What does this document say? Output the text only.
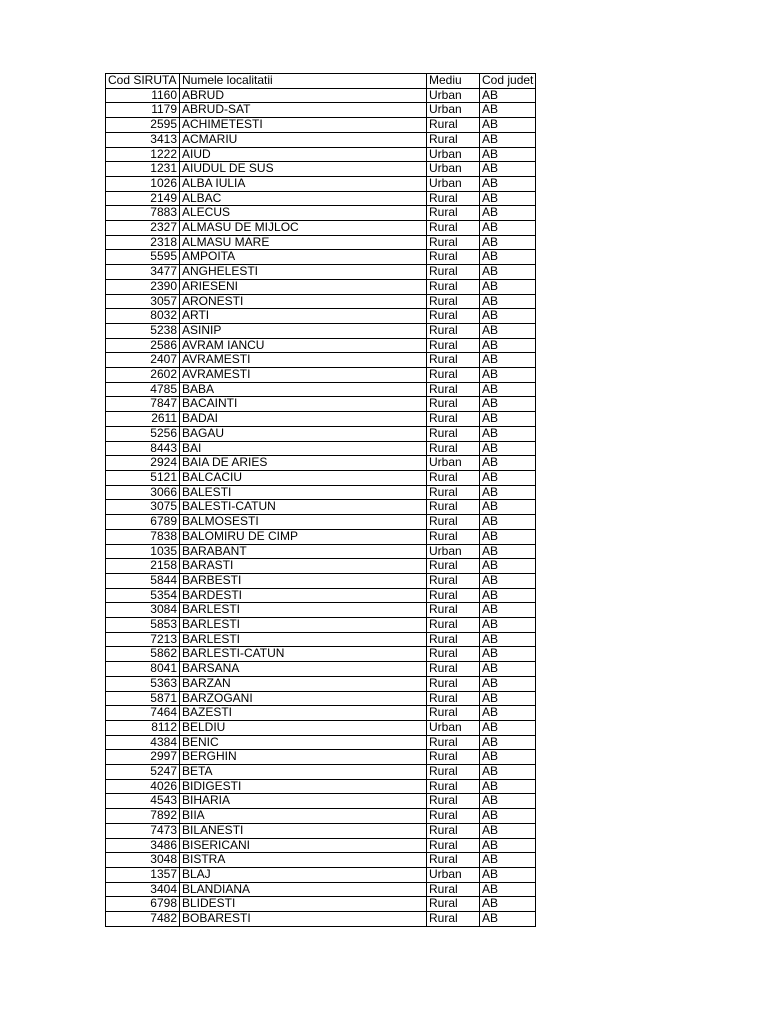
Cod SIRUTA	Numele localitatii	Mediu	Cod judet
1160	ABRUD	Urban	AB
1179	ABRUD-SAT	Urban	AB
2595	ACHIMETESTI	Rural	AB
3413	ACMARIU	Rural	AB
1222	AIUD	Urban	AB
1231	AIUDUL DE SUS	Urban	AB
1026	ALBA IULIA	Urban	AB
2149	ALBAC	Rural	AB
7883	ALECUS	Rural	AB
2327	ALMASU DE MIJLOC	Rural	AB
2318	ALMASU MARE	Rural	AB
5595	AMPOITA	Rural	AB
3477	ANGHELESTI	Rural	AB
2390	ARIESENI	Rural	AB
3057	ARONESTI	Rural	AB
8032	ARTI	Rural	AB
5238	ASINIP	Rural	AB
2586	AVRAM IANCU	Rural	AB
2407	AVRAMESTI	Rural	AB
2602	AVRAMESTI	Rural	AB
4785	BABA	Rural	AB
7847	BACAINTI	Rural	AB
2611	BADAI	Rural	AB
5256	BAGAU	Rural	AB
8443	BAI	Rural	AB
2924	BAIA DE ARIES	Urban	AB
5121	BALCACIU	Rural	AB
3066	BALESTI	Rural	AB
3075	BALESTI-CATUN	Rural	AB
6789	BALMOSESTI	Rural	AB
7838	BALOMIRU DE CIMP	Rural	AB
1035	BARABANT	Urban	AB
2158	BARASTI	Rural	AB
5844	BARBESTI	Rural	AB
5354	BARDESTI	Rural	AB
3084	BARLESTI	Rural	AB
5853	BARLESTI	Rural	AB
7213	BARLESTI	Rural	AB
5862	BARLESTI-CATUN	Rural	AB
8041	BARSANA	Rural	AB
5363	BARZAN	Rural	AB
5871	BARZOGANI	Rural	AB
7464	BAZESTI	Rural	AB
8112	BELDIU	Urban	AB
4384	BENIC	Rural	AB
2997	BERGHIN	Rural	AB
5247	BETA	Rural	AB
4026	BIDIGESTI	Rural	AB
4543	BIHARIA	Rural	AB
7892	BIIA	Rural	AB
7473	BILANESTI	Rural	AB
3486	BISERICANI	Rural	AB
3048	BISTRA	Rural	AB
1357	BLAJ	Urban	AB
3404	BLANDIANA	Rural	AB
6798	BLIDESTI	Rural	AB
7482	BOBARESTI	Rural	AB
